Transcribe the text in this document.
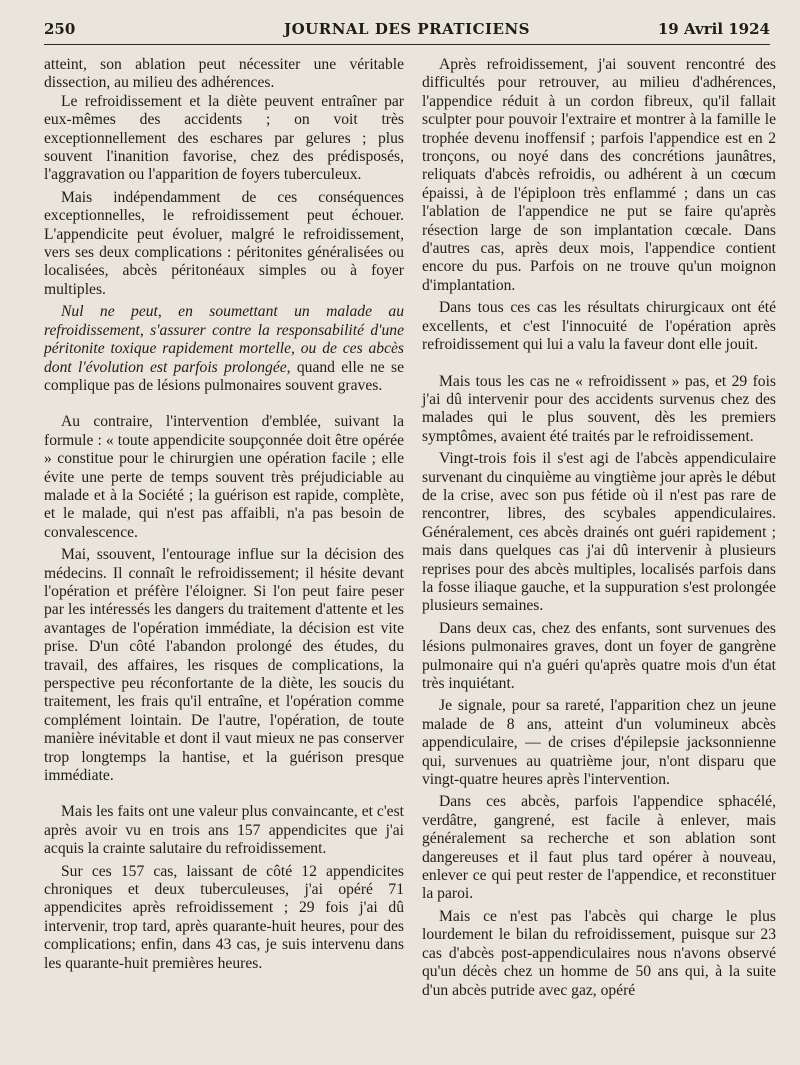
250	JOURNAL DES PRATICIENS	19 Avril 1924

atteint, son ablation peut nécessiter une véritable dissection, au milieu des adhérences.

Le refroidissement et la diète peuvent entraîner par eux-mêmes des accidents ; on voit très exceptionnellement des eschares par gelures ; plus souvent l'inanition favorise, chez des prédisposés, l'aggravation ou l'apparition de foyers tuberculeux.

Mais indépendamment de ces conséquences exceptionnelles, le refroidissement peut échouer. L'appendicite peut évoluer, malgré le refroidissement, vers ses deux complications : péritonites généralisées ou localisées, abcès péritonéaux simples ou à foyer multiples.

Nul ne peut, en soumettant un malade au refroidissement, s'assurer contre la responsabilité d'une péritonite toxique rapidement mortelle, ou de ces abcès dont l'évolution est parfois prolongée, quand elle ne se complique pas de lésions pulmonaires souvent graves.

Au contraire, l'intervention d'emblée, suivant la formule : « toute appendicite soupçonnée doit être opérée » constitue pour le chirurgien une opération facile ; elle évite une perte de temps souvent très préjudiciable au malade et à la Société ; la guérison est rapide, complète, et le malade, qui n'est pas affaibli, n'a pas besoin de convalescence.

Mai, ssouvent, l'entourage influe sur la décision des médecins. Il connaît le refroidissement; il hésite devant l'opération et préfère l'éloigner. Si l'on peut faire peser par les intéressés les dangers du traitement d'attente et les avantages de l'opération immédiate, la décision est vite prise. D'un côté l'abandon prolongé des études, du travail, des affaires, les risques de complications, la perspective peu réconfortante de la diète, les soucis du traitement, les frais qu'il entraîne, et l'opération comme complément lointain. De l'autre, l'opération, de toute manière inévitable et dont il vaut mieux ne pas conserver trop longtemps la hantise, et la guérison presque immédiate.

Mais les faits ont une valeur plus convaincante, et c'est après avoir vu en trois ans 157 appendicites que j'ai acquis la crainte salutaire du refroidissement.

Sur ces 157 cas, laissant de côté 12 appendicites chroniques et deux tuberculeuses, j'ai opéré 71 appendicites après refroidissement ; 29 fois j'ai dû intervenir, trop tard, après quarante-huit heures, pour des complications; enfin, dans 43 cas, je suis intervenu dans les quarante-huit premières heures.

Après refroidissement, j'ai souvent rencontré des difficultés pour retrouver, au milieu d'adhérences, l'appendice réduit à un cordon fibreux, qu'il fallait sculpter pour pouvoir l'extraire et montrer à la famille le trophée devenu inoffensif ; parfois l'appendice est en 2 tronçons, ou noyé dans des concrétions jaunâtres, reliquats d'abcès refroidis, ou adhérent à un cœcum épaissi, à de l'épiploon très enflammé ; dans un cas l'ablation de l'appendice ne put se faire qu'après résection large de son implantation cœcale. Dans d'autres cas, après deux mois, l'appendice contient encore du pus. Parfois on ne trouve qu'un moignon d'implantation.

Dans tous ces cas les résultats chirurgicaux ont été excellents, et c'est l'innocuité de l'opération après refroidissement qui lui a valu la faveur dont elle jouit.

Mais tous les cas ne « refroidissent » pas, et 29 fois j'ai dû intervenir pour des accidents survenus chez des malades qui le plus souvent, dès les premiers symptômes, avaient été traités par le refroidissement.

Vingt-trois fois il s'est agi de l'abcès appendiculaire survenant du cinquième au vingtième jour après le début de la crise, avec son pus fétide où il n'est pas rare de rencontrer, libres, des scybales appendiculaires. Généralement, ces abcès drainés ont guéri rapidement ; mais dans quelques cas j'ai dû intervenir à plusieurs reprises pour des abcès multiples, localisés parfois dans la fosse iliaque gauche, et la suppuration s'est prolongée plusieurs semaines.

Dans deux cas, chez des enfants, sont survenues des lésions pulmonaires graves, dont un foyer de gangrène pulmonaire qui n'a guéri qu'après quatre mois d'un état très inquiétant.

Je signale, pour sa rareté, l'apparition chez un jeune malade de 8 ans, atteint d'un volumineux abcès appendiculaire, — de crises d'épilepsie jacksonnienne qui, survenues au quatrième jour, n'ont disparu que vingt-quatre heures après l'intervention.

Dans ces abcès, parfois l'appendice sphacélé, verdâtre, gangrené, est facile à enlever, mais généralement sa recherche et son ablation sont dangereuses et il faut plus tard opérer à nouveau, enlever ce qui peut rester de l'appendice, et reconstituer la paroi.

Mais ce n'est pas l'abcès qui charge le plus lourdement le bilan du refroidissement, puisque sur 23 cas d'abcès post-appendiculaires nous n'avons observé qu'un décès chez un homme de 50 ans qui, à la suite d'un abcès putride avec gaz, opéré
